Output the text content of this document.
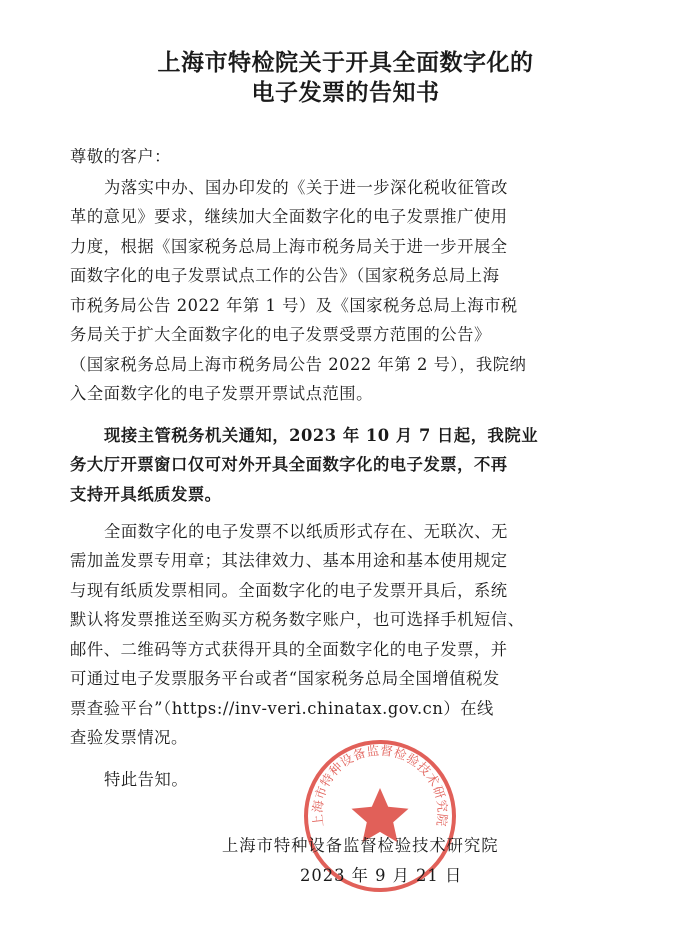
上海市特检院关于开具全面数字化的
电子发票的告知书
尊敬的客户：
为落实中办、国办印发的《关于进一步深化税收征管改
革的意见》要求，继续加大全面数字化的电子发票推广使用
力度，根据《国家税务总局上海市税务局关于进一步开展全
面数字化的电子发票试点工作的公告》（国家税务总局上海
市税务局公告 2022 年第 1 号）及《国家税务总局上海市税
务局关于扩大全面数字化的电子发票受票方范围的公告》
（国家税务总局上海市税务局公告 2022 年第 2 号），我院纳
入全面数字化的电子发票开票试点范围。
现接主管税务机关通知，2023 年 10 月 7 日起，我院业
务大厅开票窗口仅可对外开具全面数字化的电子发票，不再
支持开具纸质发票。
全面数字化的电子发票不以纸质形式存在、无联次、无
需加盖发票专用章；其法律效力、基本用途和基本使用规定
与现有纸质发票相同。全面数字化的电子发票开具后，系统
默认将发票推送至购买方税务数字账户，也可选择手机短信、
邮件、二维码等方式获得开具的全面数字化的电子发票，并
可通过电子发票服务平台或者“国家税务总局全国增值税发
票查验平台”（https://inv-veri.chinatax.gov.cn）在线
查验发票情况。
特此告知。
上海市特种设备监督检验技术研究院
上海市特种设备监督检验技术研究院
2023 年 9 月 21 日
